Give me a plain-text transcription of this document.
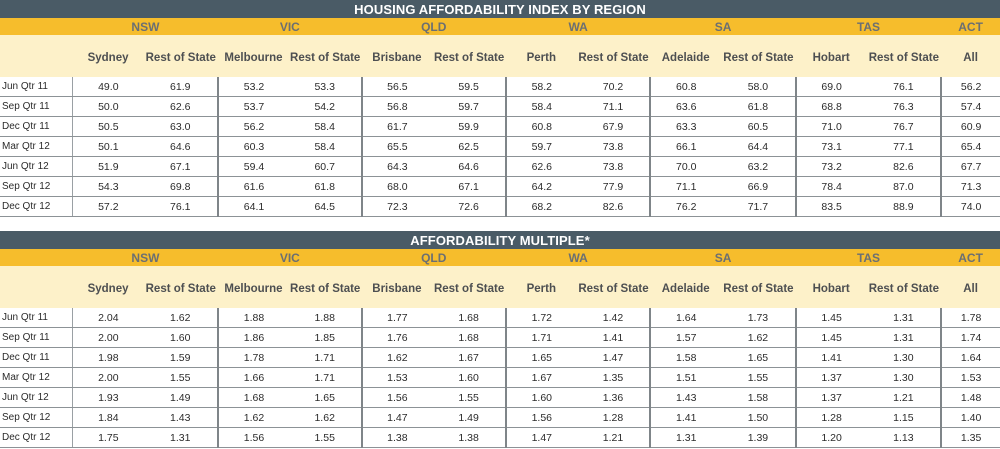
HOUSING AFFORDABILITY INDEX BY REGION													
	NSW		VIC		QLD		WA		SA		TAS		ACT
	Sydney	Rest of State	Melbourne	Rest of State	Brisbane	Rest of State	Perth	Rest of State	Adelaide	Rest of State	Hobart	Rest of State	All
Jun Qtr 11	49.0	61.9	53.2	53.3	56.5	59.5	58.2	70.2	60.8	58.0	69.0	76.1	56.2
Sep Qtr 11	50.0	62.6	53.7	54.2	56.8	59.7	58.4	71.1	63.6	61.8	68.8	76.3	57.4
Dec Qtr 11	50.5	63.0	56.2	58.4	61.7	59.9	60.8	67.9	63.3	60.5	71.0	76.7	60.9
Mar Qtr 12	50.1	64.6	60.3	58.4	65.5	62.5	59.7	73.8	66.1	64.4	73.1	77.1	65.4
Jun Qtr 12	51.9	67.1	59.4	60.7	64.3	64.6	62.6	73.8	70.0	63.2	73.2	82.6	67.7
Sep Qtr 12	54.3	69.8	61.6	61.8	68.0	67.1	64.2	77.9	71.1	66.9	78.4	87.0	71.3
Dec Qtr 12	57.2	76.1	64.1	64.5	72.3	72.6	68.2	82.6	76.2	71.7	83.5	88.9	74.0
AFFORDABILITY MULTIPLE*													
	NSW		VIC		QLD		WA		SA		TAS		ACT
	Sydney	Rest of State	Melbourne	Rest of State	Brisbane	Rest of State	Perth	Rest of State	Adelaide	Rest of State	Hobart	Rest of State	All
Jun Qtr 11	2.04	1.62	1.88	1.88	1.77	1.68	1.72	1.42	1.64	1.73	1.45	1.31	1.78
Sep Qtr 11	2.00	1.60	1.86	1.85	1.76	1.68	1.71	1.41	1.57	1.62	1.45	1.31	1.74
Dec Qtr 11	1.98	1.59	1.78	1.71	1.62	1.67	1.65	1.47	1.58	1.65	1.41	1.30	1.64
Mar Qtr 12	2.00	1.55	1.66	1.71	1.53	1.60	1.67	1.35	1.51	1.55	1.37	1.30	1.53
Jun Qtr 12	1.93	1.49	1.68	1.65	1.56	1.55	1.60	1.36	1.43	1.58	1.37	1.21	1.48
Sep Qtr 12	1.84	1.43	1.62	1.62	1.47	1.49	1.56	1.28	1.41	1.50	1.28	1.15	1.40
Dec Qtr 12	1.75	1.31	1.56	1.55	1.38	1.38	1.47	1.21	1.31	1.39	1.20	1.13	1.35
